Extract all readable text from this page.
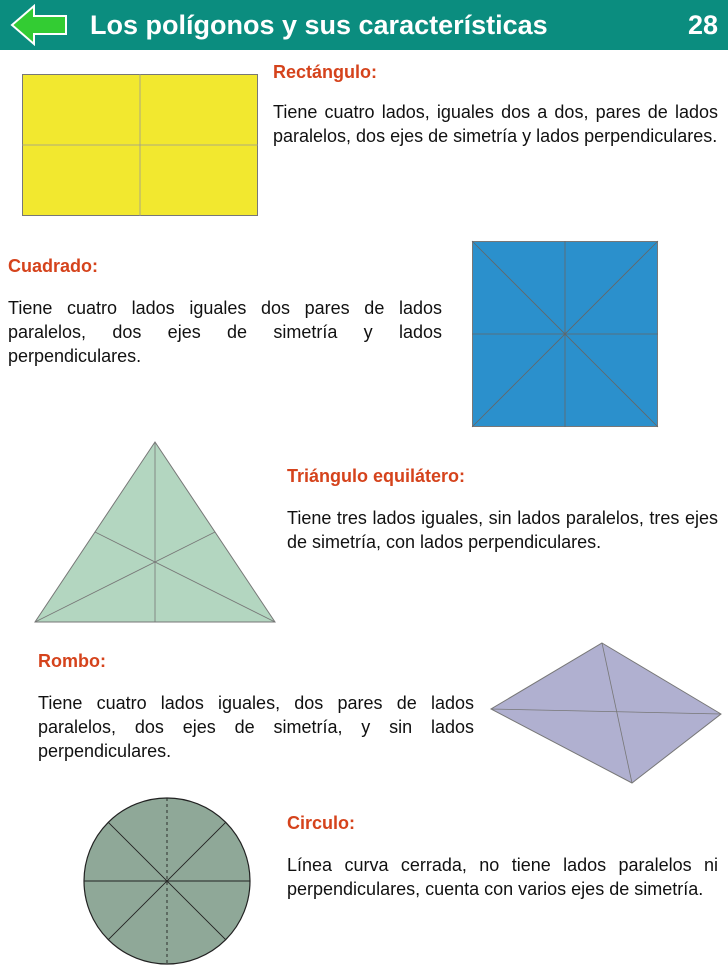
Los polígonos y sus características	28
Rectángulo:
Tiene cuatro lados, iguales dos a dos, pares de lados paralelos, dos ejes de simetría y lados perpendiculares.
Cuadrado:
Tiene cuatro lados iguales dos pares de lados paralelos, dos ejes de simetría y lados perpendiculares.
Triángulo equilátero:
Tiene tres lados iguales, sin lados paralelos, tres ejes de simetría, con lados perpendiculares.
Rombo:
Tiene cuatro lados iguales, dos pares de lados paralelos, dos ejes de simetría, y sin lados perpendiculares.
Circulo:
Línea curva cerrada, no tiene lados paralelos ni perpendiculares, cuenta con varios ejes de simetría.
